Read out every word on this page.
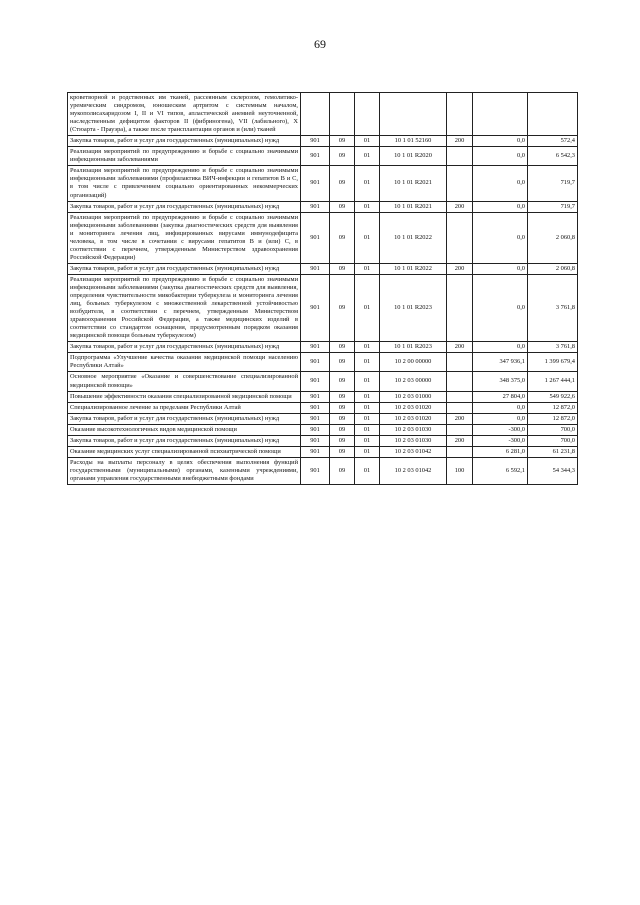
69
кроветворной и родственных им тканей, рассеянным склерозом, гемолитико-уремическим синдромом, юношеским артритом с системным началом, мукополисахаридозом I, II и VI типов, апластической анемией неуточненной, наследственным дефицитом факторов II (фибриногена), VII (лабильного), X (Стюарта - Прауэра), а также после трансплантации органов и (или) тканей							
Закупка товаров, работ и услуг для государственных (муниципальных) нужд	901	09	01	10 1 01 52160	200	0,0	572,4
Реализация мероприятий по предупреждению и борьбе с социально значимыми инфекционными заболеваниями	901	09	01	10 1 01 R2020		0,0	6 542,3
Реализация мероприятий по предупреждению и борьбе с социально значимыми инфекционными заболеваниями (профилактика ВИЧ-инфекции и гепатитов В и С, в том числе с привлечением социально ориентированных некоммерческих организаций)	901	09	01	10 1 01 R2021		0,0	719,7
Закупка товаров, работ и услуг для государственных (муниципальных) нужд	901	09	01	10 1 01 R2021	200	0,0	719,7
Реализация мероприятий по предупреждению и борьбе с социально значимыми инфекционными заболеваниями (закупка диагностических средств для выявления и мониторинга лечения лиц, инфицированных вирусами иммунодефицита человека, в том числе в сочетании с вирусами гепатитов В и (или) С, в соответствии с перечнем, утвержденным Министерством здравоохранения Российской Федерации)	901	09	01	10 1 01 R2022		0,0	2 060,8
Закупка товаров, работ и услуг для государственных (муниципальных) нужд	901	09	01	10 1 01 R2022	200	0,0	2 060,8
Реализация мероприятий по предупреждению и борьбе с социально значимыми инфекционными заболеваниями (закупка диагностических средств для выявления, определения чувствительности микобактерии туберкулеза и мониторинга лечения лиц, больных туберкулезом с множественной лекарственной устойчивостью возбудителя, в соответствии с перечнем, утвержденным Министерством здравоохранения Российской Федерации, а также медицинских изделий в соответствии со стандартом оснащения, предусмотренным порядком оказания медицинской помощи больным туберкулезом)	901	09	01	10 1 01 R2023		0,0	3 761,8
Закупка товаров, работ и услуг для государственных (муниципальных) нужд	901	09	01	10 1 01 R2023	200	0,0	3 761,8
Подпрограмма «Улучшение качества оказания медицинской помощи населению Республики Алтай»	901	09	01	10 2 00 00000		347 936,1	1 399 679,4
Основное мероприятие «Оказание и совершенствование специализированной медицинской помощи»	901	09	01	10 2 03 00000		348 375,0	1 267 444,1
Повышение эффективности оказания специализированной медицинской помощи	901	09	01	10 2 03 01000		27 804,0	549 922,6
Специализированное лечение за пределами Республики Алтай	901	09	01	10 2 03 01020		0,0	12 872,0
Закупка товаров, работ и услуг для государственных (муниципальных) нужд	901	09	01	10 2 03 01020	200	0,0	12 872,0
Оказание высокотехнологичных видов медицинской помощи	901	09	01	10 2 03 01030		-300,0	700,0
Закупка товаров, работ и услуг для государственных (муниципальных) нужд	901	09	01	10 2 03 01030	200	-300,0	700,0
Оказание медицинских услуг специализированной психиатрической помощи	901	09	01	10 2 03 01042		6 281,0	61 231,8
Расходы на выплаты персоналу в целях обеспечения выполнения функций государственными (муниципальными) органами, казенными учреждениями, органами управления государственными внебюджетными фондами	901	09	01	10 2 03 01042	100	6 592,1	54 344,3
